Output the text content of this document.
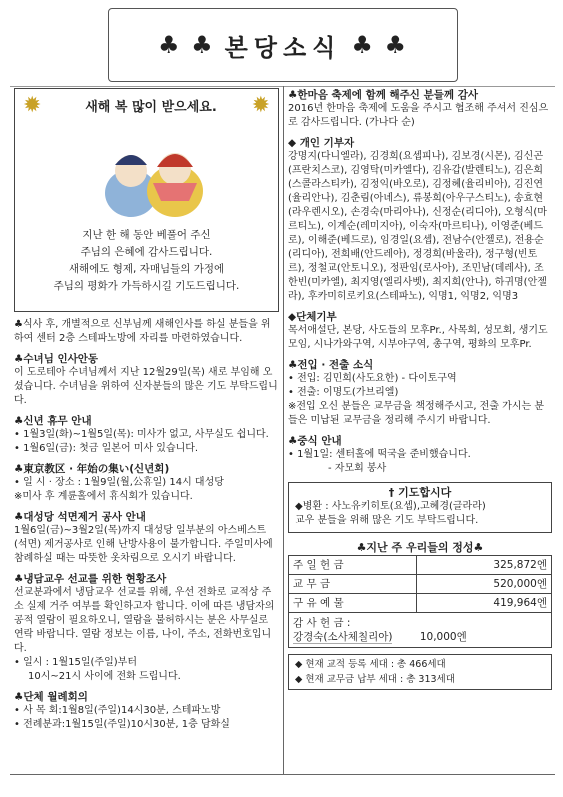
♣ ♣ 본당소식 ♣ ♣
✹	✹
새해 복 많이 받으세요.
지난 한 해 동안 베풀어 주신
주님의 은혜에 감사드립니다.
새해에도 형제, 자매님들의 가정에
주님의 평화가 가득하시길 기도드립니다.

♣식사 후, 개별적으로 신부님께 새해인사를 하실 분들을 위하여 센터 2층 스테파노방에 자리를 마련하였습니다.

♣수녀님 인사안동

이 도로테아 수녀님께서 지난 12월29일(목) 새로 부임해 오셨습니다. 수녀님을 위하여 신자분들의 많은 기도 부탁드립니다.

♣신년 휴무 안내

• 1월3일(화)~1월5일(목): 미사가 없고, 사무실도 쉽니다.

• 1월6일(금): 첫금 일본어 미사 있습니다.

♣東京教区 · 年始の集い(신년회)

• 일 시 · 장소 : 1월9일(월,公휴일) 14시 대성당

※미사 후 계륜홀에서 휴식회가 있습니다.

♣대성당 석면제거 공사 안내

1월6일(금)~3월2일(목)까지 대성당 일부분의 아스베스트(석면) 제거공사로 인해 난방사용이 불가합니다. 주일미사에 참례하실 때는 따뜻한 옷차림으로 오시기 바랍니다.

♣냉담교우 선교를 위한 현황조사

선교분과에서 냉담교우 선교를 위해, 우선 전화로 교적상 주소 실제 거주 여부를 확인하고자 합니다. 이에 따른 냉담자의 공적 열람이 필요하오니, 열람을 불허하시는 분은 사무실로 연락 바랍니다. 열람 정보는 이름, 나이, 주소, 전화번호입니다.

• 일시 : 1월15일(주일)부터

10시~21시 사이에 전화 드립니다.

♣단체 월례회의

• 사 목 회:1월8일(주일)14시30분, 스테파노방

• 전례분과:1월15일(주일)10시30분, 1층 담화실

♣한마음 축제에 함께 해주신 분들께 감사

2016년 한마음 축제에 도움을 주시고 협조해 주셔서 진심으로 감사드립니다. (가나다 순)

◆ 개인 기부자

강명지(다니엘라), 김경희(요셉피나), 김보경(시몬), 김신곤(프란치스코), 김영탁(미카엘다), 김유갑(발렌티노), 김은희(스콜라스티카), 김정익(바오로), 김정혜(율리비아), 김진연(율리안나), 김춘림(아녜스), 류봉희(아우구스티노), 송효현(라우렌시오), 손경숙(마리아나), 신정순(리디아), 오형식(마르티노), 이계순(레미지아), 이숙자(마르티나), 이영준(베드로), 이해준(베드로), 임경일(요셉), 전남수(안젤로), 전용순(리디아), 전희배(안드레아), 정경희(바울라), 정구형(빈토르), 정철교(안토니오), 정판임(로사아), 조민남(데레사), 조한빈(미카엘), 최지영(엘리사벳), 최지희(안나), 하귀명(안젤라), 후카미히로키요(스테파노), 익명1, 익명2, 익명3

◆단체기부

목서애설단, 본당, 사도들의 모후Pr., 사목회, 성모회, 생기도모임, 시나가와구역, 시부야구역, 총구역, 평화의 모후Pr.

♣전입 · 전출 소식

• 전입: 김민희(사도요한) - 다이토구역

• 전출: 이명도(가브리엘)

※전입 오신 분들은 교무금을 책정해주시고, 전출 가시는 분들은 미납된 교무금을 정리해 주시기 바랍니다.

♣중식 안내

• 1월1일: 센터홀에 떡국을 준비했습니다.

- 자모회 봉사

† 기도합시다
◆병환 : 사노유키히토(요셉),고혜경(글라라)
교우 분들을 위해 많은 기도 부탁드립니다.
♣지난 주 우리들의 정성♣
주 일 헌 금	325,872엔
교 무 금	520,000엔
구 유 예 물	419,964엔

감 사 헌 금 :
강경숙(소사체칠리아) 10,000엔	
◆ 현재 교적 등록 세대 : 총 466세대
◆ 현재 교무금 납부 세대 : 총 313세대
